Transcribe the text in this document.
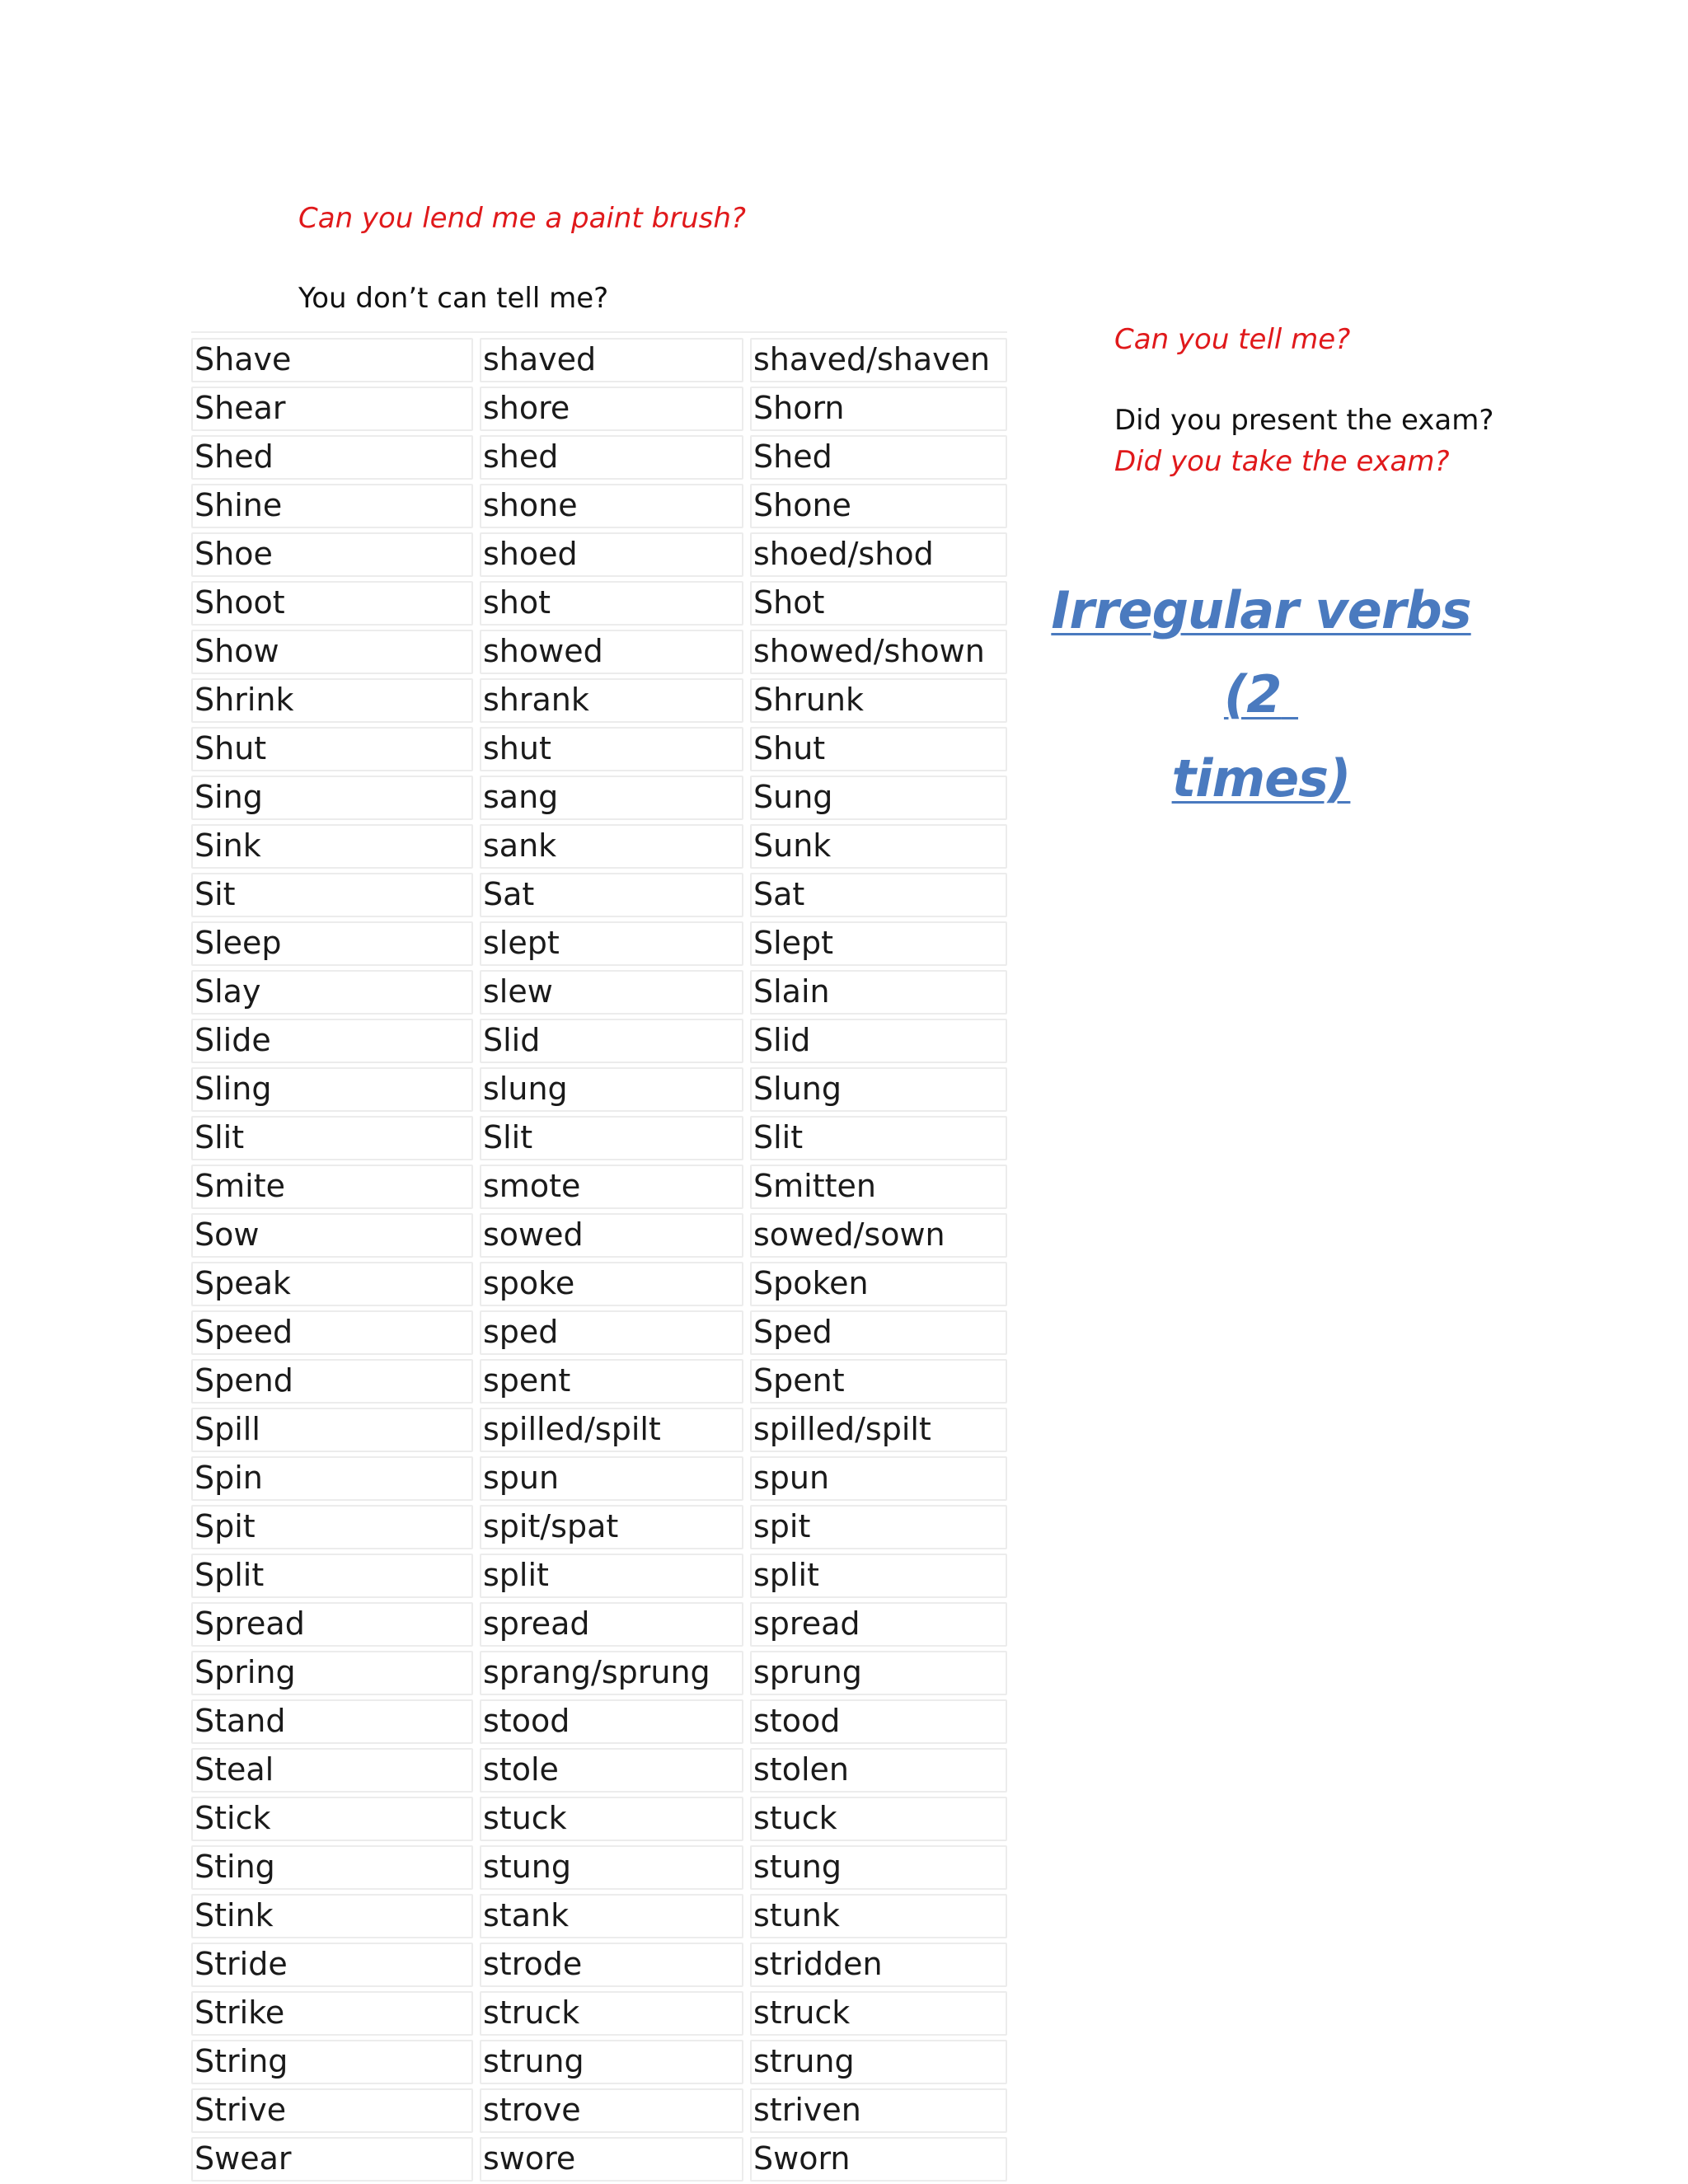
Can you lend me a paint brush?
You don’t can tell me?
Can you tell me?
Did you present the exam?
Did you take the exam?
Irregular verbs (2
times)
Shave	shaved	shaved/shaven
Shear	shore	Shorn
Shed	shed	Shed
Shine	shone	Shone
Shoe	shoed	shoed/shod
Shoot	shot	Shot
Show	showed	showed/shown
Shrink	shrank	Shrunk
Shut	shut	Shut
Sing	sang	Sung
Sink	sank	Sunk
Sit	Sat	Sat
Sleep	slept	Slept
Slay	slew	Slain
Slide	Slid	Slid
Sling	slung	Slung
Slit	Slit	Slit
Smite	smote	Smitten
Sow	sowed	sowed/sown
Speak	spoke	Spoken
Speed	sped	Sped
Spend	spent	Spent
Spill	spilled/spilt	spilled/spilt
Spin	spun	spun
Spit	spit/spat	spit
Split	split	split
Spread	spread	spread
Spring	sprang/sprung	sprung
Stand	stood	stood
Steal	stole	stolen
Stick	stuck	stuck
Sting	stung	stung
Stink	stank	stunk
Stride	strode	stridden
Strike	struck	struck
String	strung	strung
Strive	strove	striven
Swear	swore	Sworn
